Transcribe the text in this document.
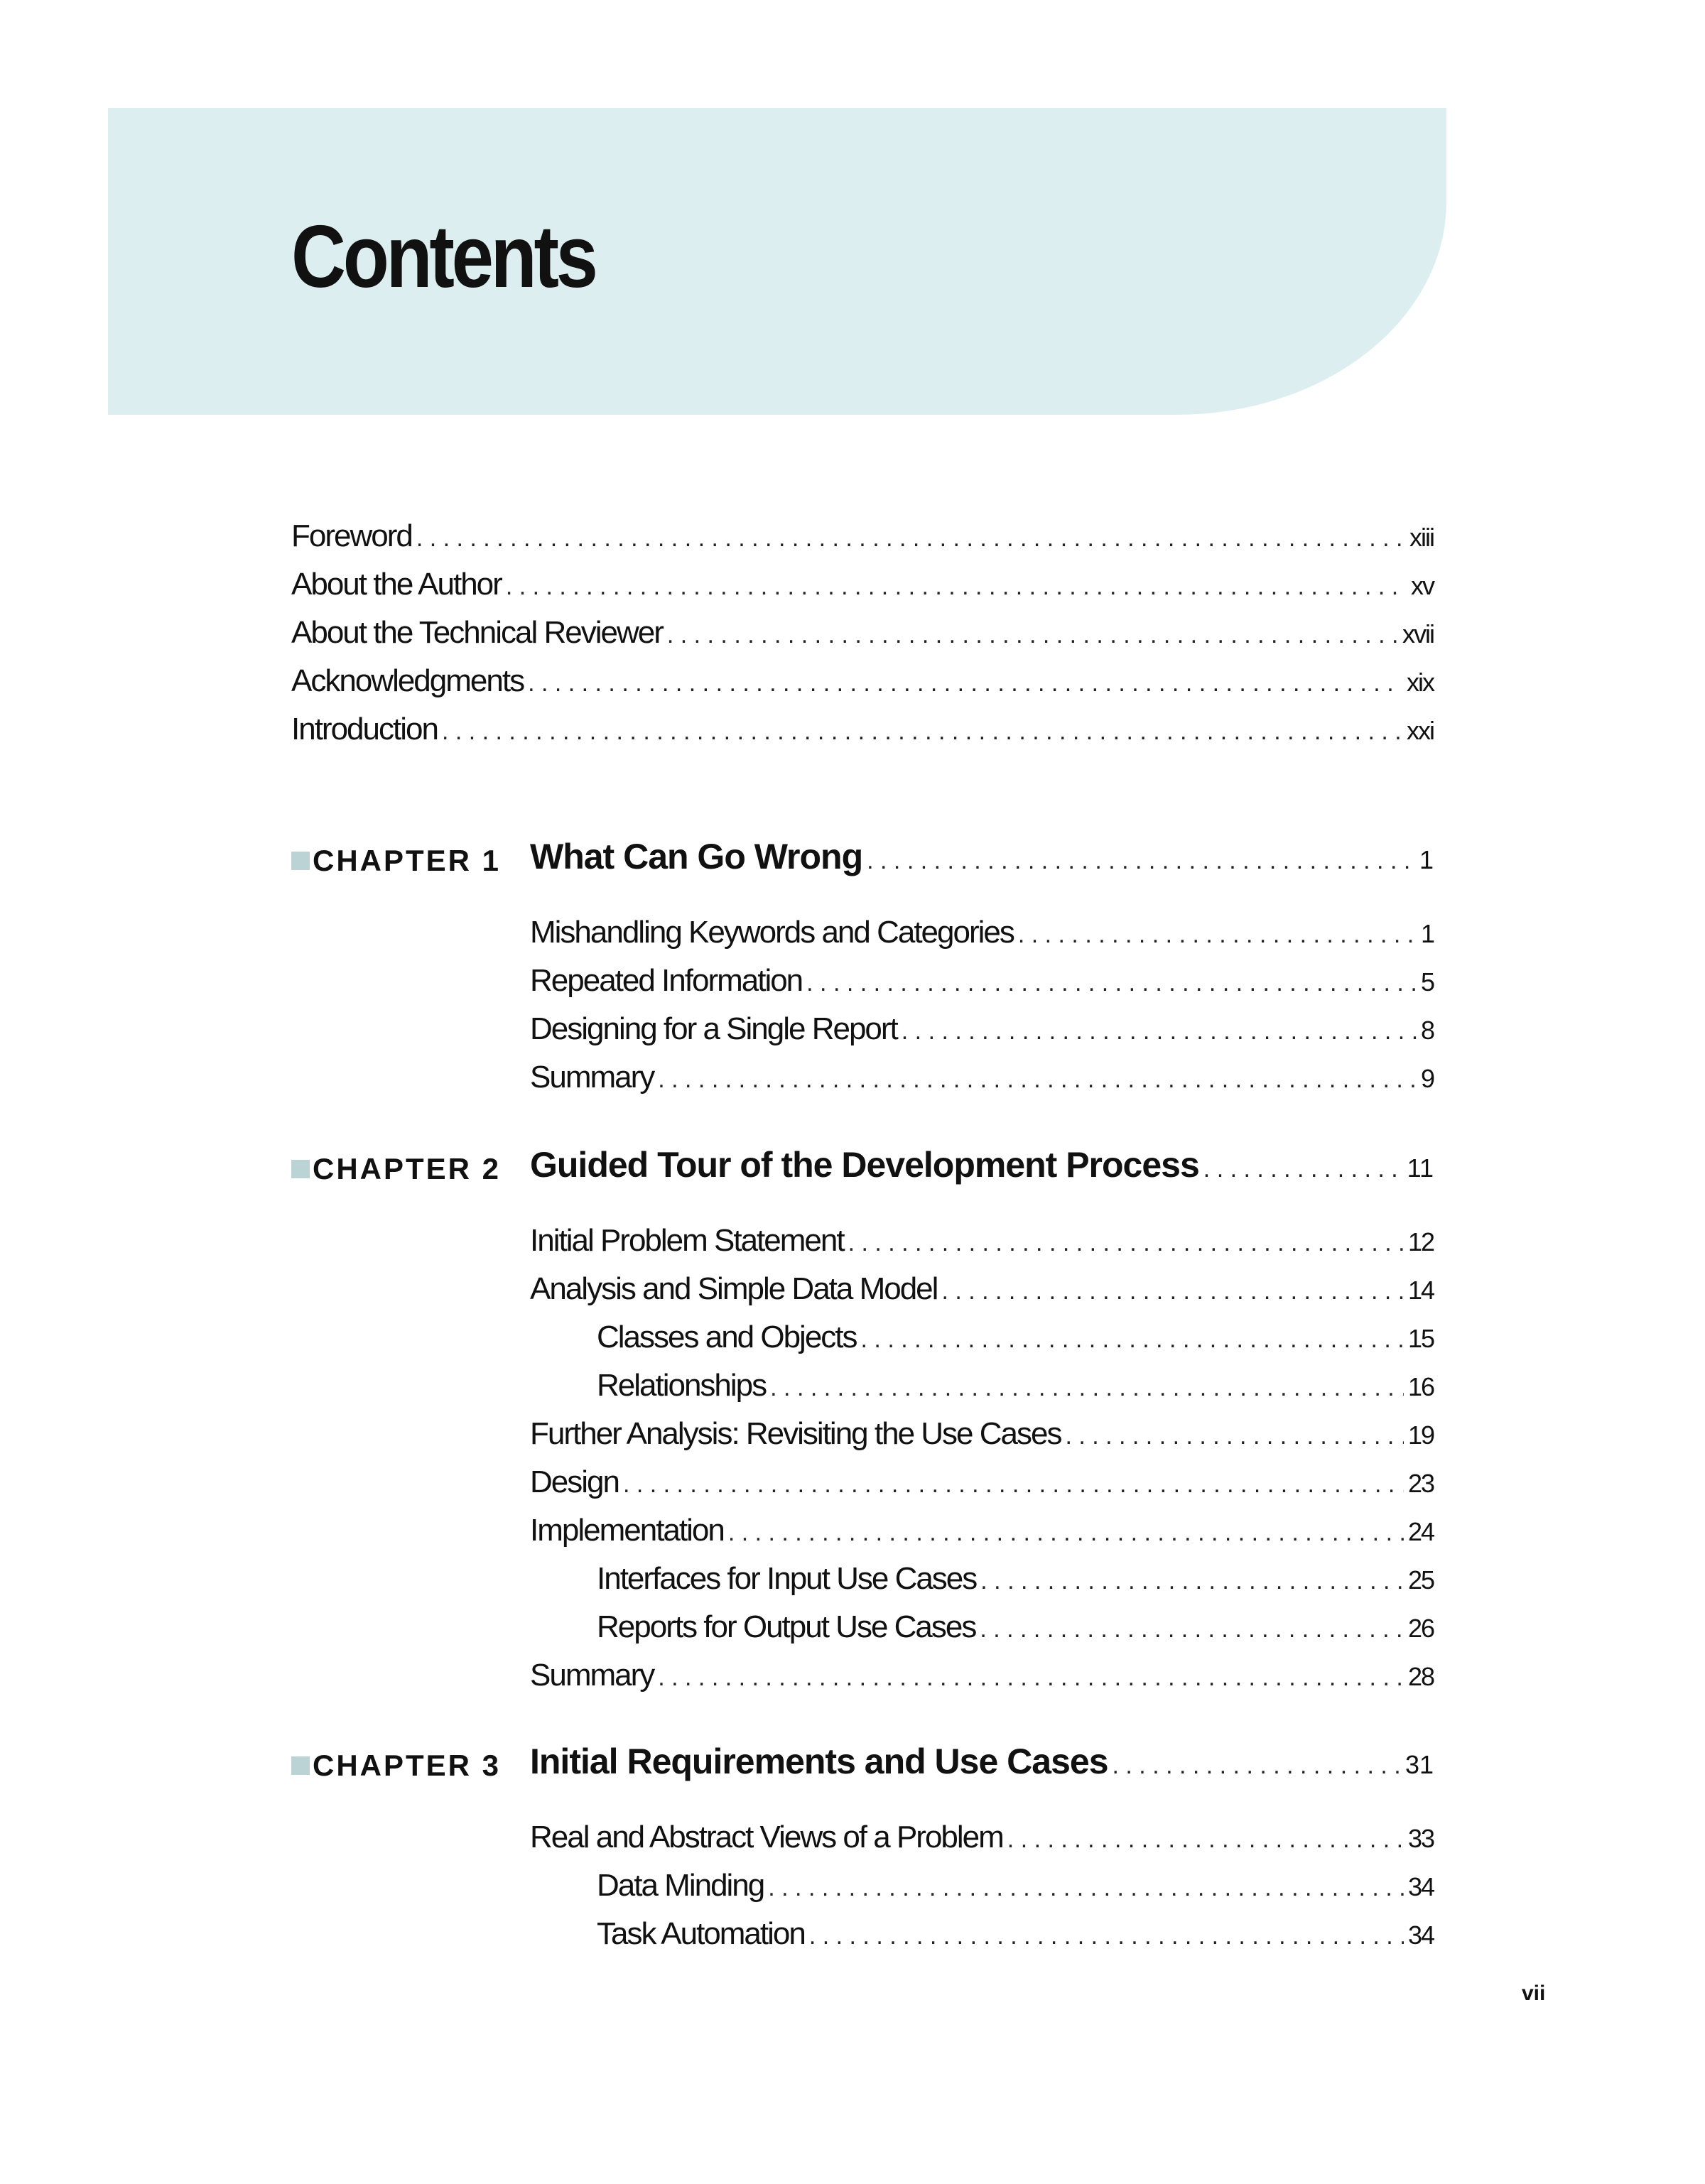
Contents
Foreword . . .	xiii
About the Author . . .	xv
About the Technical Reviewer . . .	xvii
Acknowledgments . . .	xix
Introduction . . .	xxi
CHAPTER 1 What Can Go Wrong . . .	1
Mishandling Keywords and Categories . . .	1
Repeated Information . . .	5
Designing for a Single Report . . .	8
Summary . . .	9
CHAPTER 2 Guided Tour of the Development Process . . .	11
Initial Problem Statement . . .	12
Analysis and Simple Data Model . . .	14
Classes and Objects . . .	15
Relationships . . .	16
Further Analysis: Revisiting the Use Cases . . .	19
Design . . .	23
Implementation . . .	24
Interfaces for Input Use Cases . . .	25
Reports for Output Use Cases . . .	26
Summary . . .	28
CHAPTER 3 Initial Requirements and Use Cases . . .	31
Real and Abstract Views of a Problem . . .	33
Data Minding . . .	34
Task Automation . . .	34
vii
